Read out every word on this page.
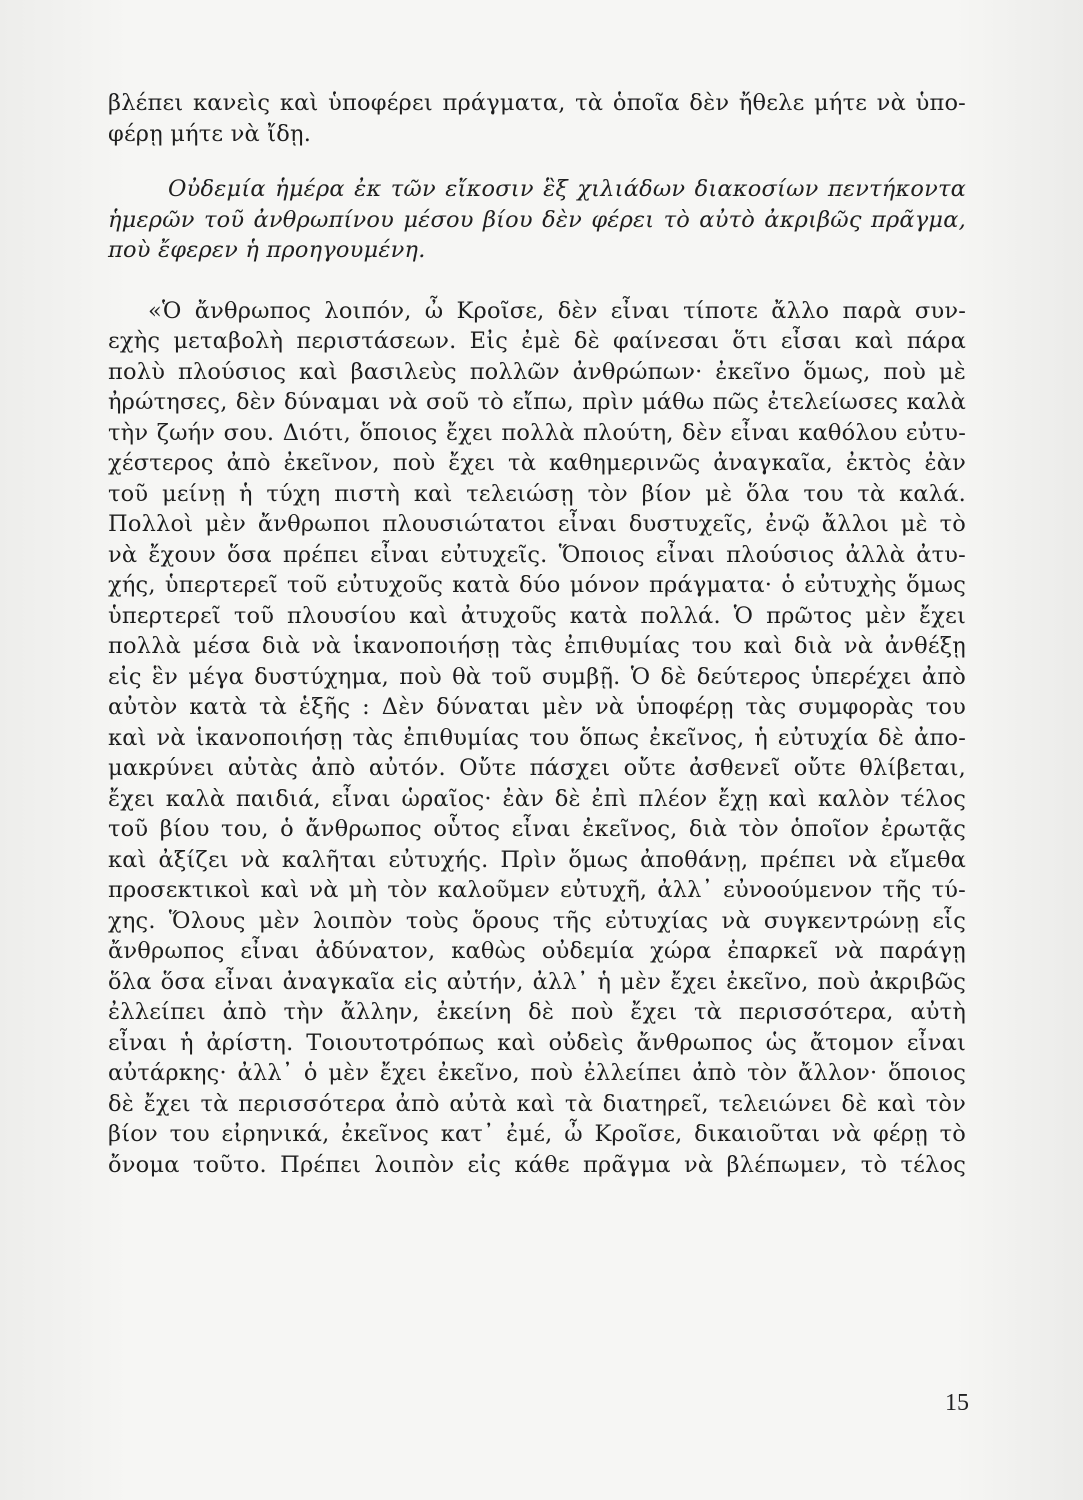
βλέπει κανεὶς καὶ ὑποφέρει πράγματα, τὰ ὁποῖα δὲν ἤθελε μήτε νὰ ὑπο-
φέρῃ μήτε νὰ ἴδῃ.
Οὐδεμία ἡμέρα ἐκ τῶν εἴκοσιν ἓξ χιλιάδων διακοσίων πεντήκοντα
ἡμερῶν τοῦ ἀνθρωπίνου μέσου βίου δὲν φέρει τὸ αὐτὸ ἀκριβῶς πρᾶγμα,
ποὺ ἔφερεν ἡ προηγουμένη.
«Ὁ ἄνθρωπος λοιπόν, ὦ Κροῖσε, δὲν εἶναι τίποτε ἄλλο παρὰ συν-
εχὴς μεταβολὴ περιστάσεων. Εἰς ἐμὲ δὲ φαίνεσαι ὅτι εἶσαι καὶ πάρα
πολὺ πλούσιος καὶ βασιλεὺς πολλῶν ἀνθρώπων· ἐκεῖνο ὅμως, ποὺ μὲ
ἠρώτησες, δὲν δύναμαι νὰ σοῦ τὸ εἴπω, πρὶν μάθω πῶς ἐτελείωσες καλὰ
τὴν ζωήν σου. Διότι, ὅποιος ἔχει πολλὰ πλούτη, δὲν εἶναι καθόλου εὐτυ-
χέστερος ἀπὸ ἐκεῖνον, ποὺ ἔχει τὰ καθημερινῶς ἀναγκαῖα, ἐκτὸς ἐὰν
τοῦ μείνῃ ἡ τύχη πιστὴ καὶ τελειώσῃ τὸν βίον μὲ ὅλα του τὰ καλά.
Πολλοὶ μὲν ἄνθρωποι πλουσιώτατοι εἶναι δυστυχεῖς, ἐνῷ ἄλλοι μὲ τὸ
νὰ ἔχουν ὅσα πρέπει εἶναι εὐτυχεῖς. Ὅποιος εἶναι πλούσιος ἀλλὰ ἀτυ-
χής, ὑπερτερεῖ τοῦ εὐτυχοῦς κατὰ δύο μόνον πράγματα· ὁ εὐτυχὴς ὅμως
ὑπερτερεῖ τοῦ πλουσίου καὶ ἀτυχοῦς κατὰ πολλά. Ὁ πρῶτος μὲν ἔχει
πολλὰ μέσα διὰ νὰ ἱκανοποιήσῃ τὰς ἐπιθυμίας του καὶ διὰ νὰ ἀνθέξῃ
εἰς ἓν μέγα δυστύχημα, ποὺ θὰ τοῦ συμβῇ. Ὁ δὲ δεύτερος ὑπερέχει ἀπὸ
αὐτὸν κατὰ τὰ ἑξῆς : Δὲν δύναται μὲν νὰ ὑποφέρῃ τὰς συμφορὰς του
καὶ νὰ ἱκανοποιήσῃ τὰς ἐπιθυμίας του ὅπως ἐκεῖνος, ἡ εὐτυχία δὲ ἀπο-
μακρύνει αὐτὰς ἀπὸ αὐτόν. Οὔτε πάσχει οὔτε ἀσθενεῖ οὔτε θλίβεται,
ἔχει καλὰ παιδιά, εἶναι ὡραῖος· ἐὰν δὲ ἐπὶ πλέον ἔχῃ καὶ καλὸν τέλος
τοῦ βίου του, ὁ ἄνθρωπος οὗτος εἶναι ἐκεῖνος, διὰ τὸν ὁποῖον ἐρωτᾷς
καὶ ἀξίζει νὰ καλῆται εὐτυχής. Πρὶν ὅμως ἀποθάνῃ, πρέπει νὰ εἴμεθα
προσεκτικοὶ καὶ νὰ μὴ τὸν καλοῦμεν εὐτυχῆ, ἀλλ᾽ εὐνοούμενον τῆς τύ-
χης. Ὅλους μὲν λοιπὸν τοὺς ὅρους τῆς εὐτυχίας νὰ συγκεντρώνῃ εἷς
ἄνθρωπος εἶναι ἀδύνατον, καθὼς οὐδεμία χώρα ἐπαρκεῖ νὰ παράγῃ
ὅλα ὅσα εἶναι ἀναγκαῖα εἰς αὐτήν, ἀλλ᾽ ἡ μὲν ἔχει ἐκεῖνο, ποὺ ἀκριβῶς
ἐλλείπει ἀπὸ τὴν ἄλλην, ἐκείνη δὲ ποὺ ἔχει τὰ περισσότερα, αὐτὴ
εἶναι ἡ ἀρίστη. Τοιουτοτρόπως καὶ οὐδεὶς ἄνθρωπος ὡς ἄτομον εἶναι
αὐτάρκης· ἀλλ᾽ ὁ μὲν ἔχει ἐκεῖνο, ποὺ ἐλλείπει ἀπὸ τὸν ἄλλον· ὅποιος
δὲ ἔχει τὰ περισσότερα ἀπὸ αὐτὰ καὶ τὰ διατηρεῖ, τελειώνει δὲ καὶ τὸν
βίον του εἰρηνικά, ἐκεῖνος κατ᾽ ἐμέ, ὦ Κροῖσε, δικαιοῦται νὰ φέρῃ τὸ
ὄνομα τοῦτο. Πρέπει λοιπὸν εἰς κάθε πρᾶγμα νὰ βλέπωμεν, τὸ τέλος
15
